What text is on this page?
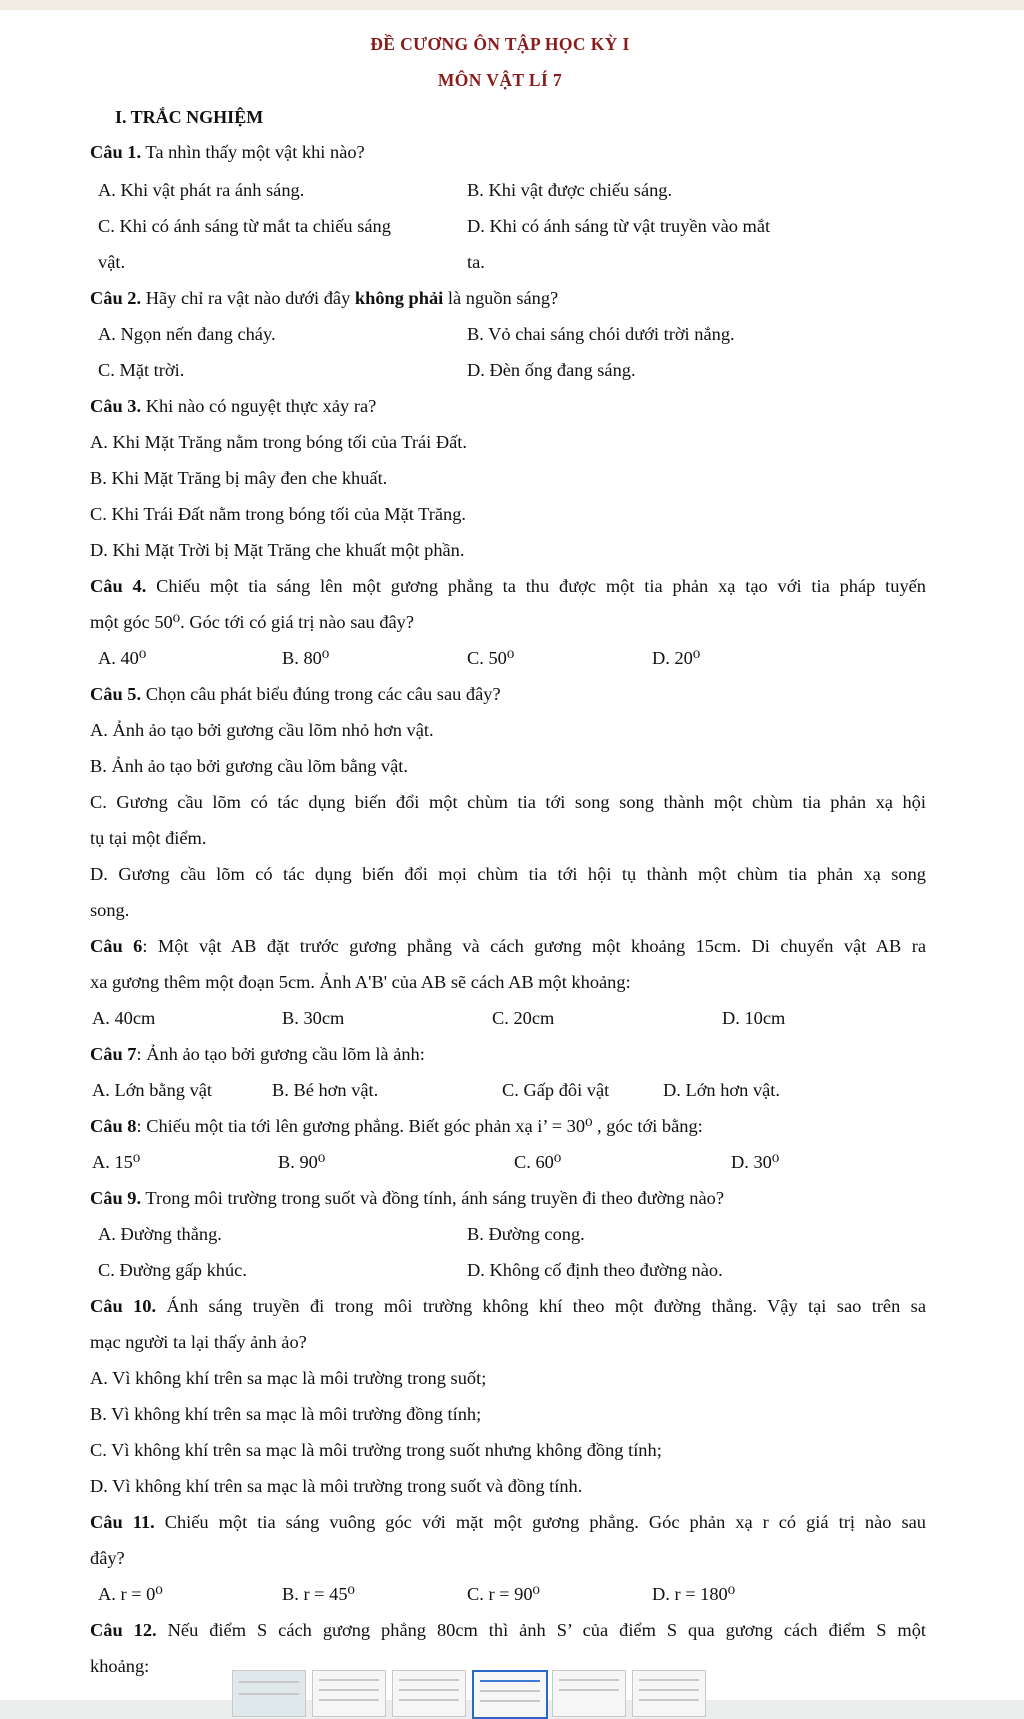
ĐỀ CƯƠNG ÔN TẬP HỌC KỲ I
MÔN VẬT LÍ 7
I. TRẮC NGHIỆM
Câu 1. Ta nhìn thấy một vật khi nào?
A. Khi vật phát ra ánh sáng.	B. Khi vật được chiếu sáng.
C. Khi có ánh sáng từ mắt ta chiếu sáng	D. Khi có ánh sáng từ vật truyền vào mắt
vật.	ta.
Câu 2. Hãy chỉ ra vật nào dưới đây không phải là nguồn sáng?
A. Ngọn nến đang cháy.	B. Vỏ chai sáng chói dưới trời nắng.
C. Mặt trời.	D. Đèn ống đang sáng.
Câu 3. Khi nào có nguyệt thực xảy ra?
A. Khi Mặt Trăng nằm trong bóng tối của Trái Đất.
B. Khi Mặt Trăng bị mây đen che khuất.
C. Khi Trái Đất nằm trong bóng tối của Mặt Trăng.
D. Khi Mặt Trời bị Mặt Trăng che khuất một phần.
Câu 4. Chiếu một tia sáng lên một gương phẳng ta thu được một tia phản xạ tạo với tia pháp tuyến
một góc 50⁰. Góc tới có giá trị nào sau đây?
A. 40⁰	B. 80⁰	C. 50⁰	D. 20⁰
Câu 5. Chọn câu phát biểu đúng trong các câu sau đây?
A. Ảnh ảo tạo bởi gương cầu lõm nhỏ hơn vật.
B. Ảnh ảo tạo bởi gương cầu lõm bằng vật.
C. Gương cầu lõm có tác dụng biến đổi một chùm tia tới song song thành một chùm tia phản xạ hội
tụ tại một điểm.
D. Gương cầu lõm có tác dụng biến đổi mọi chùm tia tới hội tụ thành một chùm tia phản xạ song
song.
Câu 6: Một vật AB đặt trước gương phẳng và cách gương một khoảng 15cm. Di chuyển vật AB ra
xa gương thêm một đoạn 5cm. Ảnh A'B' của AB sẽ cách AB một khoảng:
A. 40cm	B. 30cm	C. 20cm	D. 10cm
Câu 7: Ảnh ảo tạo bởi gương cầu lõm là ảnh:
A. Lớn bằng vật	B. Bé hơn vật.	C. Gấp đôi vật	D. Lớn hơn vật.
Câu 8: Chiếu một tia tới lên gương phẳng. Biết góc phản xạ i’ = 30⁰ , góc tới bằng:
A. 15⁰	B. 90⁰	C. 60⁰	D. 30⁰
Câu 9. Trong môi trường trong suốt và đồng tính, ánh sáng truyền đi theo đường nào?
A. Đường thẳng.	B. Đường cong.
C. Đường gấp khúc.	D. Không cố định theo đường nào.
Câu 10. Ánh sáng truyền đi trong môi trường không khí theo một đường thẳng. Vậy tại sao trên sa
mạc người ta lại thấy ảnh ảo?
A. Vì không khí trên sa mạc là môi trường trong suốt;
B. Vì không khí trên sa mạc là môi trường đồng tính;
C. Vì không khí trên sa mạc là môi trường trong suốt nhưng không đồng tính;
D. Vì không khí trên sa mạc là môi trường trong suốt và đồng tính.
Câu 11. Chiếu một tia sáng vuông góc với mặt một gương phẳng. Góc phản xạ r có giá trị nào sau
đây?
A. r = 0⁰	B. r = 45⁰	C. r = 90⁰	D. r = 180⁰
Câu 12. Nếu điểm S cách gương phẳng 80cm thì ảnh S’ của điểm S qua gương cách điểm S một
khoảng:
